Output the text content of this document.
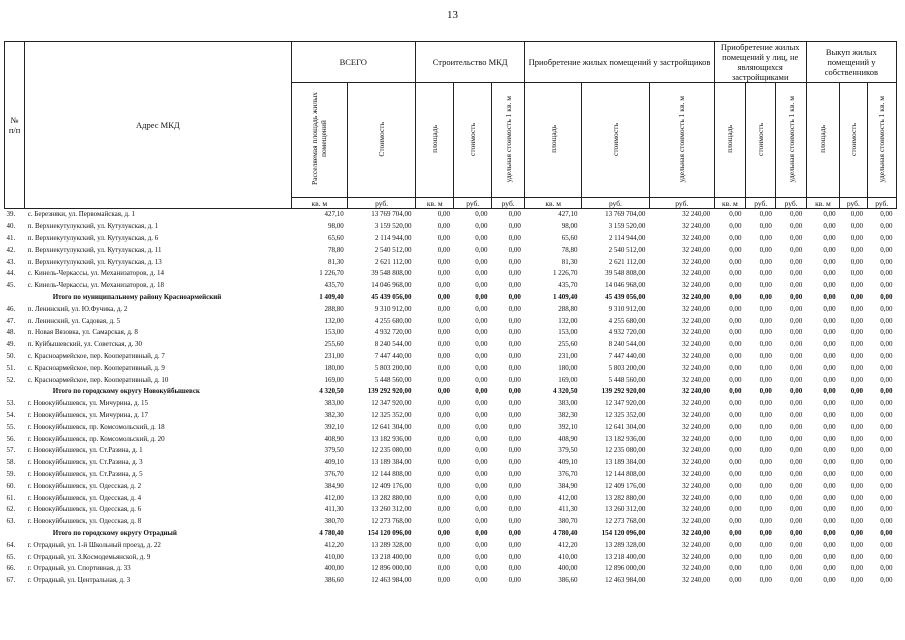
13
№ п/п	Адрес МКД	ВСЕГО		Строительство МКД			Приобретение жилых помещений у застройщиков			Приобретение жилых помещений у лиц, не являющихся застройщиками			Выкуп жилых помещений у собственников		
		Расселяемая площадь жилых помещений	Стоимость	площадь	стоимость	удельная стоимость 1 кв. м	площадь	стоимость	удельная стоимость 1 кв. м	площадь	стоимость	удельная стоимость 1 кв. м	площадь	стоимость	удельная стоимость 1 кв. м
		кв. м	руб.	кв. м	руб.	руб.	кв. м	руб.	руб.	кв. м	руб.	руб.	кв. м	руб.	руб.
39.	с. Березняки, ул. Первомайская, д. 1	427,10	13 769 704,00	0,00	0,00	0,00	427,10	13 769 704,00	32 240,00	0,00	0,00	0,00	0,00	0,00	0,00
40.	п. Верхнекутулукский, ул. Кутулукская, д. 1	98,00	3 159 520,00	0,00	0,00	0,00	98,00	3 159 520,00	32 240,00	0,00	0,00	0,00	0,00	0,00	0,00
41.	п. Верхнекутулукский, ул. Кутулукская, д. 6	65,60	2 114 944,00	0,00	0,00	0,00	65,60	2 114 944,00	32 240,00	0,00	0,00	0,00	0,00	0,00	0,00
42.	п. Верхнекутулукский, ул. Кутулукская, д. 11	78,80	2 540 512,00	0,00	0,00	0,00	78,80	2 540 512,00	32 240,00	0,00	0,00	0,00	0,00	0,00	0,00
43.	п. Верхнекутулукский, ул. Кутулукская, д. 13	81,30	2 621 112,00	0,00	0,00	0,00	81,30	2 621 112,00	32 240,00	0,00	0,00	0,00	0,00	0,00	0,00
44.	с. Кинель-Черкассы, ул. Механизаторов, д. 14	1 226,70	39 548 808,00	0,00	0,00	0,00	1 226,70	39 548 808,00	32 240,00	0,00	0,00	0,00	0,00	0,00	0,00
45.	с. Кинель-Черкассы, ул. Механизаторов, д. 18	435,70	14 046 968,00	0,00	0,00	0,00	435,70	14 046 968,00	32 240,00	0,00	0,00	0,00	0,00	0,00	0,00
	Итого по муниципальному району Красноармейский	1 409,40	45 439 056,00	0,00	0,00	0,00	1 409,40	45 439 056,00	32 240,00	0,00	0,00	0,00	0,00	0,00	0,00
46.	п. Ленинский, ул. Ю.Фучика, д. 2	288,80	9 310 912,00	0,00	0,00	0,00	288,80	9 310 912,00	32 240,00	0,00	0,00	0,00	0,00	0,00	0,00
47.	п. Ленинский, ул. Садовая, д. 5	132,00	4 255 680,00	0,00	0,00	0,00	132,00	4 255 680,00	32 240,00	0,00	0,00	0,00	0,00	0,00	0,00
48.	п. Новая Вязовка, ул. Самарская, д. 8	153,00	4 932 720,00	0,00	0,00	0,00	153,00	4 932 720,00	32 240,00	0,00	0,00	0,00	0,00	0,00	0,00
49.	п. Куйбышевский, ул. Советская, д. 30	255,60	8 240 544,00	0,00	0,00	0,00	255,60	8 240 544,00	32 240,00	0,00	0,00	0,00	0,00	0,00	0,00
50.	с. Красноармейское, пер. Кооперативный, д. 7	231,00	7 447 440,00	0,00	0,00	0,00	231,00	7 447 440,00	32 240,00	0,00	0,00	0,00	0,00	0,00	0,00
51.	с. Красноармейское, пер. Кооперативный, д. 9	180,00	5 803 200,00	0,00	0,00	0,00	180,00	5 803 200,00	32 240,00	0,00	0,00	0,00	0,00	0,00	0,00
52.	с. Красноармейское, пер. Кооперативный, д. 10	169,00	5 448 560,00	0,00	0,00	0,00	169,00	5 448 560,00	32 240,00	0,00	0,00	0,00	0,00	0,00	0,00
	Итого по городскому округу Новокуйбышевск	4 320,50	139 292 920,00	0,00	0,00	0,00	4 320,50	139 292 920,00	32 240,00	0,00	0,00	0,00	0,00	0,00	0,00
53.	г. Новокуйбышевск, ул. Мичурина, д. 15	383,00	12 347 920,00	0,00	0,00	0,00	383,00	12 347 920,00	32 240,00	0,00	0,00	0,00	0,00	0,00	0,00
54.	г. Новокуйбышевск, ул. Мичурина, д. 17	382,30	12 325 352,00	0,00	0,00	0,00	382,30	12 325 352,00	32 240,00	0,00	0,00	0,00	0,00	0,00	0,00
55.	г. Новокуйбышевск, пр. Комсомольский, д. 18	392,10	12 641 304,00	0,00	0,00	0,00	392,10	12 641 304,00	32 240,00	0,00	0,00	0,00	0,00	0,00	0,00
56.	г. Новокуйбышевск, пр. Комсомольский, д. 20	408,90	13 182 936,00	0,00	0,00	0,00	408,90	13 182 936,00	32 240,00	0,00	0,00	0,00	0,00	0,00	0,00
57.	г. Новокуйбышевск, ул. Ст.Разина, д. 1	379,50	12 235 080,00	0,00	0,00	0,00	379,50	12 235 080,00	32 240,00	0,00	0,00	0,00	0,00	0,00	0,00
58.	г. Новокуйбышевск, ул. Ст.Разина, д. 3	409,10	13 189 384,00	0,00	0,00	0,00	409,10	13 189 384,00	32 240,00	0,00	0,00	0,00	0,00	0,00	0,00
59.	г. Новокуйбышевск, ул. Ст.Разина, д. 5	376,70	12 144 808,00	0,00	0,00	0,00	376,70	12 144 808,00	32 240,00	0,00	0,00	0,00	0,00	0,00	0,00
60.	г. Новокуйбышевск, ул. Одесская, д. 2	384,90	12 409 176,00	0,00	0,00	0,00	384,90	12 409 176,00	32 240,00	0,00	0,00	0,00	0,00	0,00	0,00
61.	г. Новокуйбышевск, ул. Одесская, д. 4	412,00	13 282 880,00	0,00	0,00	0,00	412,00	13 282 880,00	32 240,00	0,00	0,00	0,00	0,00	0,00	0,00
62.	г. Новокуйбышевск, ул. Одесская, д. 6	411,30	13 260 312,00	0,00	0,00	0,00	411,30	13 260 312,00	32 240,00	0,00	0,00	0,00	0,00	0,00	0,00
63.	г. Новокуйбышевск, ул. Одесская, д. 8	380,70	12 273 768,00	0,00	0,00	0,00	380,70	12 273 768,00	32 240,00	0,00	0,00	0,00	0,00	0,00	0,00
	Итого по городскому округу Отрадный	4 780,40	154 120 096,00	0,00	0,00	0,00	4 780,40	154 120 096,00	32 240,00	0,00	0,00	0,00	0,00	0,00	0,00
64.	г. Отрадный, ул. 1-й Школьный проезд, д. 22	412,20	13 289 328,00	0,00	0,00	0,00	412,20	13 289 328,00	32 240,00	0,00	0,00	0,00	0,00	0,00	0,00
65.	г. Отрадный, ул. З.Космодемьянской, д. 9	410,00	13 218 400,00	0,00	0,00	0,00	410,00	13 218 400,00	32 240,00	0,00	0,00	0,00	0,00	0,00	0,00
66.	г. Отрадный, ул. Спортивная, д. 33	400,00	12 896 000,00	0,00	0,00	0,00	400,00	12 896 000,00	32 240,00	0,00	0,00	0,00	0,00	0,00	0,00
67.	г. Отрадный, ул. Центральная, д. 3	386,60	12 463 984,00	0,00	0,00	0,00	386,60	12 463 984,00	32 240,00	0,00	0,00	0,00	0,00	0,00	0,00
